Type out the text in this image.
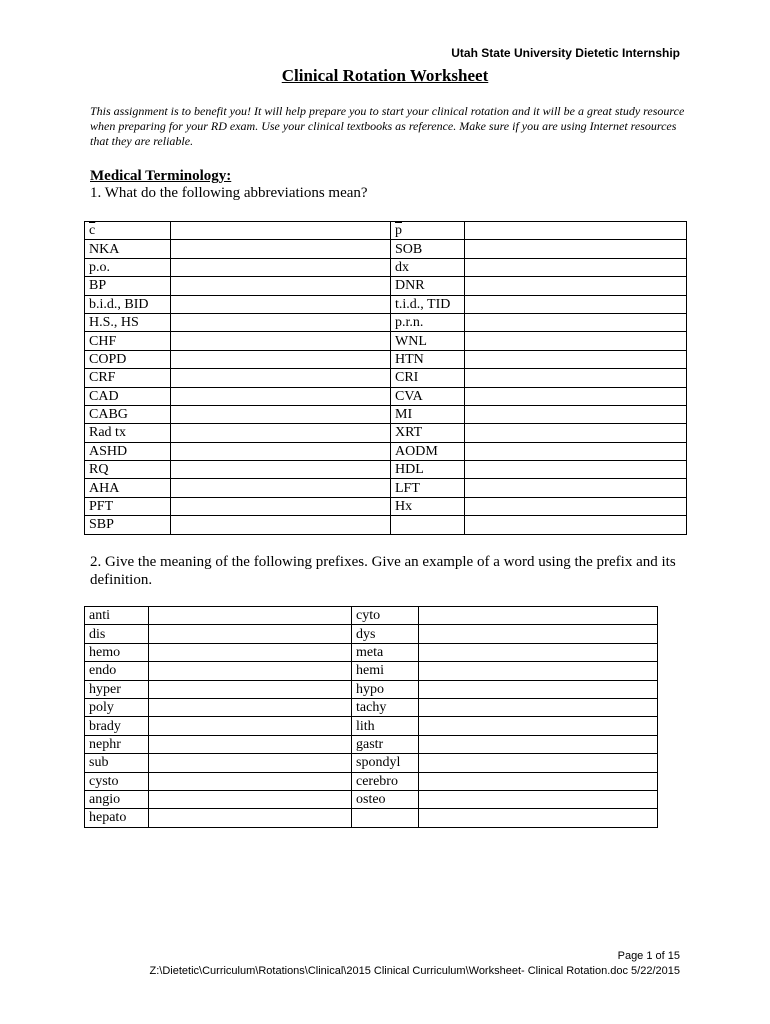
Utah State University Dietetic Internship
Clinical Rotation Worksheet
This assignment is to benefit you! It will help prepare you to start your clinical rotation and it will be a great study resource when preparing for your RD exam. Use your clinical textbooks as reference. Make sure if you are using Internet resources that they are reliable.
Medical Terminology:
1. What do the following abbreviations mean?
$\overline{c}$		$\overline{p}$	
NKA		SOB	
p.o.		dx	
BP		DNR	
b.i.d., BID		t.i.d., TID	
H.S., HS		p.r.n.	
CHF		WNL	
COPD		HTN	
CRF		CRI	
CAD		CVA	
CABG		MI	
Rad tx		XRT	
ASHD		AODM	
RQ		HDL	
AHA		LFT	
PFT		Hx	
SBP			
2. Give the meaning of the following prefixes. Give an example of a word using the prefix and its definition.
anti		cyto	
dis		dys	
hemo		meta	
endo		hemi	
hyper		hypo	
poly		tachy	
brady		lith	
nephr		gastr	
sub		spondyl	
cysto		cerebro	
angio		osteo	
hepato			
Page 1 of 15
Z:\Dietetic\Curriculum\Rotations\Clinical\2015 Clinical Curriculum\Worksheet- Clinical Rotation.doc 5/22/2015
